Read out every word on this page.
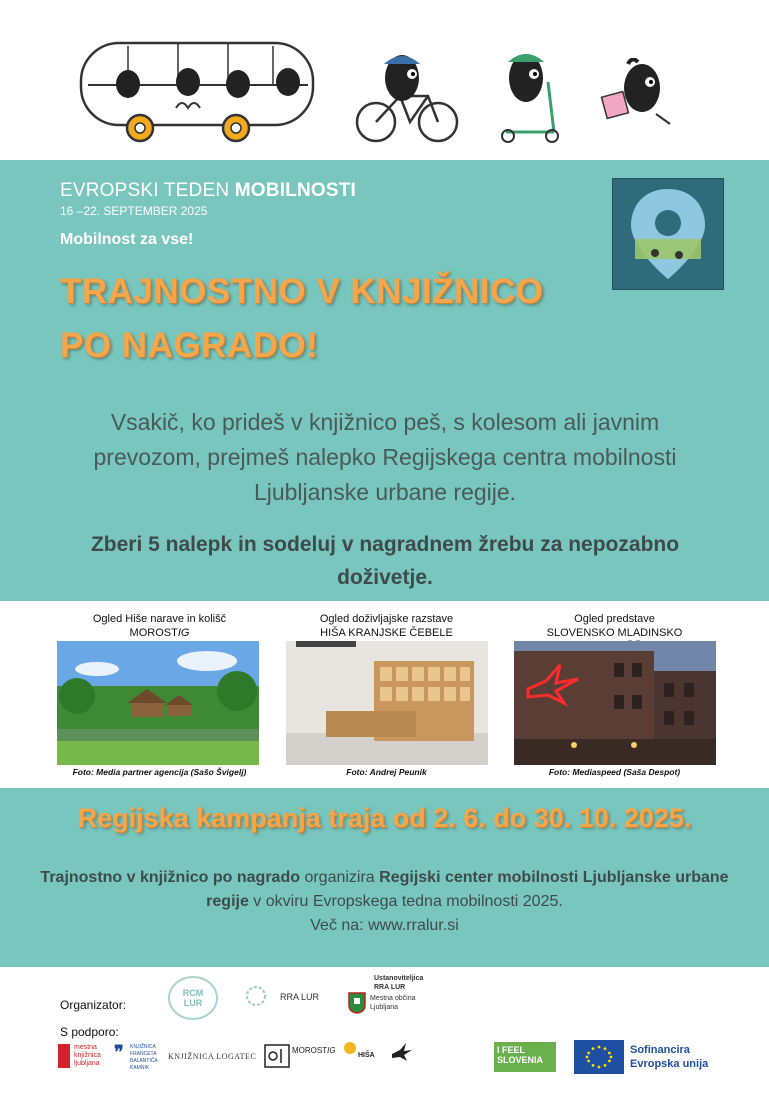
EVROPSKI TEDEN MOBILNOSTI
16 –22. SEPTEMBER 2025
Mobilnost za vse!
TRAJNOSTNO V KNJIŽNICO
PO NAGRADO!
Vsakič, ko prideš v knjižnico peš, s kolesom ali javnim prevozom, prejmeš nalepko Regijskega centra mobilnosti Ljubljanske urbane regije.
Zberi 5 nalepk in sodeluj v nagradnem žrebu za nepozabno doživetje.
Ogled Hiše narave in kolišč
MOROSTIG
Foto: Media partner agencija (Sašo Švigelj)
Ogled doživljajske razstave
HIŠA KRANJSKE ČEBELE
Foto: Andrej Peunik
Ogled predstave
SLOVENSKO MLADINSKO
Foto: Mediaspeed (Saša Despot)
Regijska kampanja traja od 2. 6. do 30. 10. 2025.
Trajnostno v knjižnico po nagrado organizira Regijski center mobilnosti Ljubljanske urbane regije v okviru Evropskega tedna mobilnosti 2025.
Več na: www.rralur.si
Organizator:
S podporo:
RCM LUR
RRA LUR
Ustanoviteljica RRA LUR
Mestna občina Ljubljana
mestna knjižnica ljubljana
❞ KNJIŽNICA FRANCETA BALANTIČA KAMNIK
KNJIŽNICA LOGATEC
MOROSTIG
HIŠA
I FEEL SLOVENIA
Sofinancira
Evropska unija
